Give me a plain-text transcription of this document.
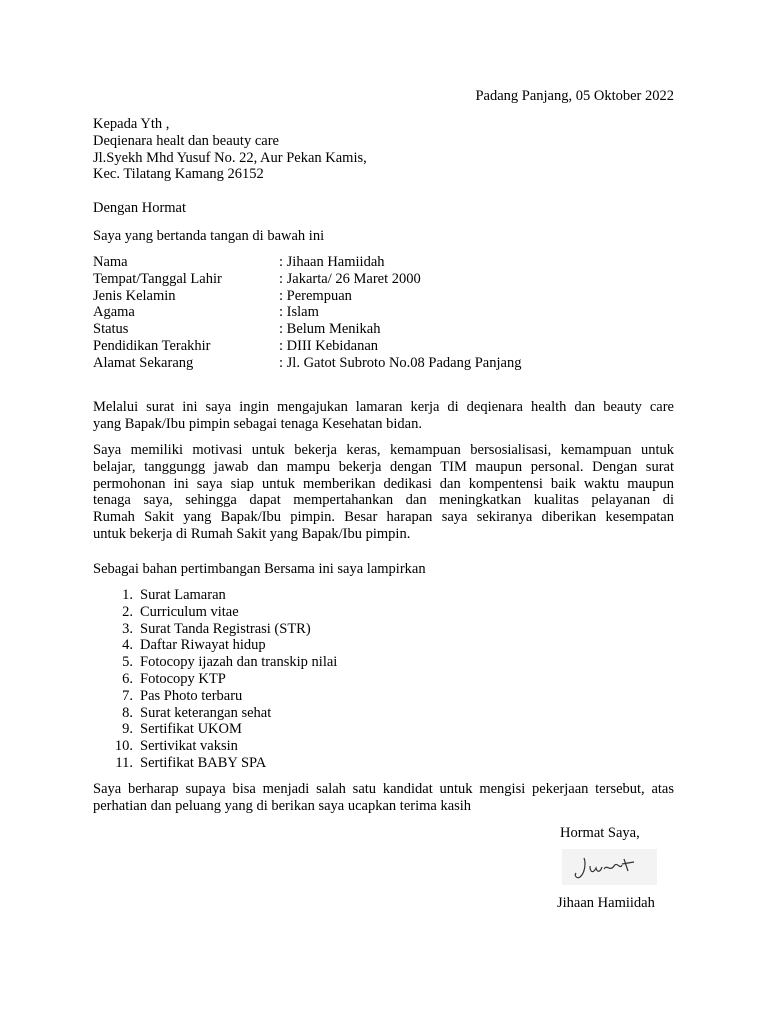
Padang Panjang, 05 Oktober 2022
Kepada Yth ,
Deqienara healt dan beauty care
Jl.Syekh Mhd Yusuf No. 22, Aur Pekan Kamis,
Kec. Tilatang Kamang 26152
Dengan Hormat
Saya yang bertanda tangan di bawah ini
Nama	: Jihaan Hamiidah
Tempat/Tanggal Lahir	: Jakarta/ 26 Maret 2000
Jenis Kelamin	: Perempuan
Agama	: Islam
Status	: Belum Menikah
Pendidikan Terakhir	: DIII Kebidanan
Alamat Sekarang	: Jl. Gatot Subroto No.08 Padang Panjang
Melalui surat ini saya ingin mengajukan lamaran kerja di deqienara health dan beauty care
yang Bapak/Ibu pimpin sebagai tenaga Kesehatan bidan.
Saya memiliki motivasi untuk bekerja keras, kemampuan bersosialisasi, kemampuan untuk
belajar, tanggungg jawab dan mampu bekerja dengan TIM maupun personal. Dengan surat
permohonan ini saya siap untuk memberikan dedikasi dan kompentensi baik waktu maupun
tenaga saya, sehingga dapat mempertahankan dan meningkatkan kualitas pelayanan di
Rumah Sakit yang Bapak/Ibu pimpin. Besar harapan saya sekiranya diberikan kesempatan
untuk bekerja di Rumah Sakit yang Bapak/Ibu pimpin.
Sebagai bahan pertimbangan Bersama ini saya lampirkan
1. Surat Lamaran
2. Curriculum vitae
3. Surat Tanda Registrasi (STR)
4. Daftar Riwayat hidup
5. Fotocopy ijazah dan transkip nilai
6. Fotocopy KTP
7. Pas Photo terbaru
8. Surat keterangan sehat
9. Sertifikat UKOM
10. Sertivikat vaksin
11. Sertifikat BABY SPA
Saya berharap supaya bisa menjadi salah satu kandidat untuk mengisi pekerjaan tersebut, atas
perhatian dan peluang yang di berikan saya ucapkan terima kasih
Hormat Saya,
Jihaan Hamiidah
